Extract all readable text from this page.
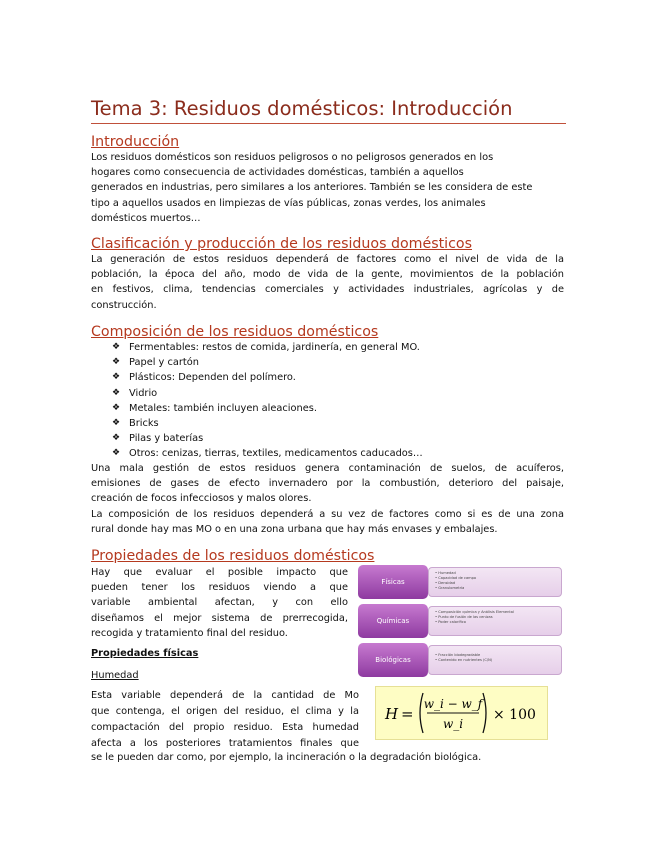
Tema 3: Residuos domésticos: Introducción
Introducción
Los residuos domésticos son residuos peligrosos o no peligrosos generados en los
hogares como consecuencia de actividades domésticas, también a aquellos
generados en industrias, pero similares a los anteriores. También se les considera de este
tipo a aquellos usados en limpiezas de vías públicas, zonas verdes, los animales
domésticos muertos…
Clasificación y producción de los residuos domésticos
La generación de estos residuos dependerá de factores como el nivel de vida de la
población, la época del año, modo de vida de la gente, movimientos de la población
en festivos, clima, tendencias comerciales y actividades industriales, agrícolas y de
construcción.
Composición de los residuos domésticos
❖ Fermentables: restos de comida, jardinería, en general MO.
❖ Papel y cartón
❖ Plásticos: Dependen del polímero.
❖ Vidrio
❖ Metales: también incluyen aleaciones.
❖ Bricks
❖ Pilas y baterías
❖ Otros: cenizas, tierras, textiles, medicamentos caducados…
Una mala gestión de estos residuos genera contaminación de suelos, de acuíferos,
emisiones de gases de efecto invernadero por la combustión, deterioro del paisaje,
creación de focos infecciosos y malos olores.
La composición de los residuos dependerá a su vez de factores como si es de una zona
rural donde hay mas MO o en una zona urbana que hay más envases y embalajes.
Propiedades de los residuos domésticos
Hay que evaluar el posible impacto que
pueden tener los residuos viendo a que
variable ambiental afectan, y con ello
diseñamos el mejor sistema de prerrecogida,
recogida y tratamiento final del residuo.
Físicas
• Humedad
• Capacidad de campo
• Densidad
• Granulometría
Químicas
• Composición química y Análisis Elemental
• Punto de fusión de las cenizas
• Poder calorífico
Biológicas
• Fracción biodegradable
• Contenido en nutrientes (C/N)
Propiedades físicas
Humedad
Esta variable dependerá de la cantidad de Mo
que contenga, el origen del residuo, el clima y la
compactación del propio residuo. Esta humedad
afecta a los posteriores tratamientos finales que
se le pueden dar como, por ejemplo, la incineración o la degradación biológica.
H =
w_i − w_f
w_i
× 100
